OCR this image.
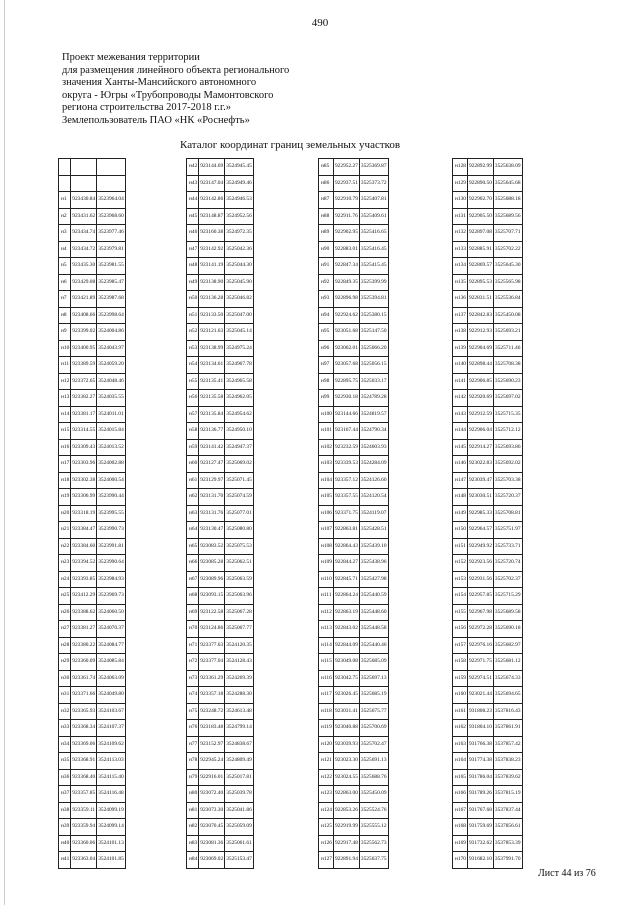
490
Проект межевания территории
для размещения линейного объекта регионального
значения Ханты-Мансийского автономного
округа - Югры «Трубопроводы Мамонтовского
региона строительства 2017-2018 г.г.»
Землепользователь ПАО «НК «Роснефть»
Каталог координат границ земельных участков

н1	923430.84	3523964.04
н2	923431.62	3523968.60
н3	923434.74	3523977.46
н4	923434.72	3523979.81
н5	923435.30	3523981.55
н6	923429.08	3523985.47
н7	923421.89	3523987.68
н8	923408.66	3523998.64
н9	923399.02	3524004.86
н10	923400.95	3524043.97
н11	923389.59	3524059.20
н12	923372.65	3524048.46
н13	923382.27	3524035.55
н14	923381.17	3524011.01
н15	923314.55	3524015.84
н16	923309.43	3524013.52
н17	923303.96	3524002.88
н18	923302.38	3524000.54
н19	923306.99	3523990.44
н20	923318.19	3523995.55
н21	923384.47	3523990.73
н22	923384.60	3523991.81
н23	923394.52	3523990.64
н24	923393.85	3523984.93
н25	923412.29	3523969.73
н26	923388.62	3524060.50
н27	923381.27	3524070.37
н28	923380.22	3524084.77
н29	923360.09	3524085.84
н30	923361.74	3524063.09
н31	923371.66	3524049.80
н32	923365.93	3524103.67
н33	923368.34	3524107.37
н34	923369.06	3524109.62
н35	923368.91	3524113.03
н36	923368.40	3524115.40
н37	923357.85	3524116.48
н38	923359.11	3524099.19
н39	923359.94	3524099.14
н40	923360.06	3524101.13
н41	923363.04	3524101.85
н42	923144.69	3524945.45
н43	923147.04	3524949.46
н44	923142.86	3524946.53
н45	923148.87	3524952.56
н46	923160.38	3524972.35
н47	923142.92	3525042.36
н48	923141.19	3525044.30
н49	923138.90	3525045.90
н50	923136.28	3525046.82
н51	923133.50	3525047.00
н52	923121.63	3525045.14
н53	923138.99	3524975.24
н54	923134.61	3524967.78
н55	923135.41	3524965.58
н56	923135.58	3524962.05
н57	923135.84	3524954.62
н58	923136.77	3524950.10
н59	923141.42	3524947.37
н60	923127.47	3525069.02
н61	923129.97	3525071.45
н62	923131.70	3525074.59
н63	923131.76	3525077.01
н64	923130.47	3525080.80
н65	923083.52	3525075.53
н66	923085.28	3525062.51
н67	923089.96	3525063.59
н68	923093.15	3525063.96
н69	923122.58	3525067.28
н70	923124.86	3525067.77
н71	923377.63	3524120.35
н72	923377.04	3524128.43
н73	923361.29	3524269.39
н74	923357.18	3524288.30
н75	923248.72	3524613.48
н76	923183.48	3524799.14
н77	923152.97	3524838.67
н78	922945.24	3524809.49
н79	922916.01	3525017.81
н80	923072.40	3525039.78
н81	923073.30	3525041.86
н82	923070.45	3525059.09
н83	923081.36	3525061.61
н84	923069.02	3525153.47
н85	922952.27	3525369.87
н86	922937.51	3525373.72
н87	922910.79	3525407.81
н88	922911.76	3525409.61
н89	922902.95	3525416.65
н90	922883.01	3525416.45
н91	922847.34	3525415.45
н92	922849.35	3525399.99
н93	922896.98	3525394.81
н94	922924.62	3525380.15
н95	923051.68	3525147.50
н96	923062.01	3525066.20
н97	923057.68	3525056.15
н98	922895.75	3525033.17
н99	922930.18	3524789.28
н100	923144.66	3524819.57
н101	923167.44	3524790.34
н102	923232.59	3524603.93
н103	923339.53	3524284.09
н104	923357.12	3524126.60
н105	923357.55	3524120.54
н106	923371.75	3524119.07
н107	922863.81	3525428.51
н108	922864.43	3525439.10
н109	922844.27	3525438.96
н110	922845.71	3525427.98
н111	922864.24	3525440.59
н112	922863.19	3525448.60
н113	922843.02	3525448.58
н114	922844.09	3525440.46
н115	923049.08	3525685.09
н116	923042.75	3525697.13
н117	923026.45	3525685.19
н118	923031.41	3525675.77
н119	923040.88	3525700.69
н120	923039.93	3525702.47
н121	923023.30	3525691.13
н122	923024.55	3525688.76
н123	922863.00	3525450.09
н124	922853.26	3525524.76
н125	922919.99	3525555.12
н126	922917.48	3525562.73
н127	922891.94	3525637.75
н128	922892.99	3525638.09
н129	922890.50	3525645.68
н130	922902.70	3525688.18
н131	922905.50	3525689.56
н132	922897.08	3525707.71
н133	922885.91	3525702.22
н134	922869.57	3525645.30
н135	922895.53	3525565.98
н136	922831.51	3525536.84
н137	922842.83	3525450.08
н138	922912.93	3525693.21
н139	922904.69	3525711.46
н140	922898.44	3525708.38
н141	922906.85	3525690.23
н142	922920.69	3525697.02
н143	922912.59	3525715.35
н144	922906.04	3525712.12
н145	922914.27	3525693.86
н146	923022.83	3525692.02
н147	923039.47	3525703.38
н148	923030.51	3525720.37
н149	922985.33	3525708.81
н150	922964.57	3525751.97
н151	922949.92	3525733.71
н152	922923.56	3525720.74
н153	922931.56	3525702.37
н154	922957.85	3525715.29
н155	922967.98	3525689.58
н156	922972.28	3525690.18
н157	922976.16	3525682.97
н158	922971.75	3525681.12
н159	922974.51	3525674.33
н160	923021.44	3525694.65
н161	931808.23	3537816.43
н162	931804.10	3537861.91
н163	931766.38	3537857.42
н164	931774.38	3537838.23
н165	931786.04	3537839.62
н166	931789.26	3537815.19
н167	931767.68	3537837.44
н168	931759.69	3537856.61
н169	931732.62	3537853.39
н170	931682.10	3537991.70
Лист 44 из 76
